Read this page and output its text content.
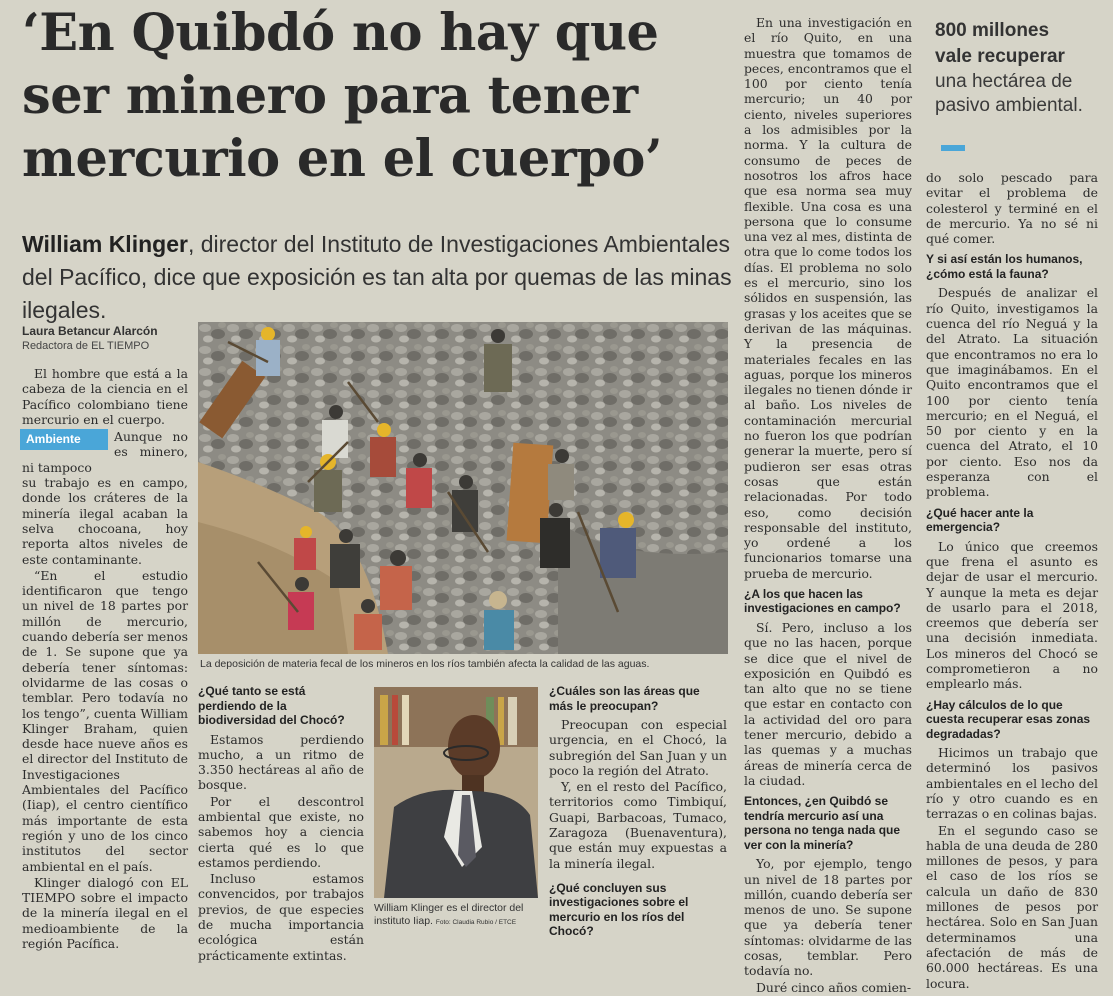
‘En Quibdó no hay que
ser minero para tener
mercurio en el cuerpo’
William Klinger, director del Instituto de Investigaciones Ambientales del Pacífico, dice que exposición es tan alta por quemas de las minas ilegales.
Laura Betancur Alarcón
Redactora de EL TIEMPO

El hombre que está a la cabeza de la ciencia en el Pacífico colombiano tiene mercurio en el cuerpo.

Ambiente	Aunque no es minero, ni tampoco

su trabajo es en campo, donde los cráteres de la minería ilegal acaban la selva chocoana, hoy reporta altos niveles de este contaminante.

“En el estudio identificaron que tengo un nivel de 18 partes por millón de mercurio, cuando debería ser menos de 1. Se supone que ya debería tener síntomas: olvidarme de las cosas o temblar. Pero todavía no los tengo”, cuenta William Klinger Braham, quien desde hace nueve años es el director del Instituto de Investigaciones Ambientales del Pacífico (Iiap), el centro científico más importante de esta región y uno de los cinco institutos del sector ambiental en el país.

Klinger dialogó con EL TIEMPO sobre el impacto de la minería ilegal en el medioambiente de la región Pacífica.

La deposición de materia fecal de los mineros en los ríos también afecta la calidad de las aguas.
¿Qué tanto se está perdiendo de la biodiversidad del Chocó?

Estamos perdiendo mucho, a un ritmo de 3.350 hectáreas al año de bosque.

Por el descontrol ambiental que existe, no sabemos hoy a ciencia cierta qué es lo que estamos perdiendo.

Incluso estamos convencidos, por trabajos previos, de que especies de mucha importancia ecológica están prácticamente extintas.

William Klinger es el director del instituto Iiap. Foto: Claudia Rubio / ETCE
¿Cuáles son las áreas que más le preocupan?

Preocupan con especial urgencia, en el Chocó, la subregión del San Juan y un poco la región del Atrato.

Y, en el resto del Pacífico, territorios como Timbiquí, Guapi, Barbacoas, Tumaco, Zaragoza (Buenaventura), que están muy expuestas a la minería ilegal.

¿Qué concluyen sus investigaciones sobre el mercurio en los ríos del Chocó?

En una investigación en el río Quito, en una muestra que tomamos de peces, encontramos que el 100 por ciento tenía mercurio; un 40 por ciento, niveles superiores a los admisibles por la norma. Y la cultura de consumo de peces de nosotros los afros hace que esa norma sea muy flexible. Una cosa es una persona que lo consume una vez al mes, distinta de otra que lo come todos los días. El problema no solo es el mercurio, sino los sólidos en suspensión, las grasas y los aceites que se derivan de las máquinas. Y la presencia de materiales fecales en las aguas, porque los mineros ilegales no tienen dónde ir al baño. Los niveles de contaminación mercurial no fueron los que podrían generar la muerte, pero sí pudieron ser esas otras cosas que están relacionadas. Por todo eso, como decisión responsable del instituto, yo ordené a los funcionarios tomarse una prueba de mercurio.

¿A los que hacen las investigaciones en campo?

Sí. Pero, incluso a los que no las hacen, porque se dice que el nivel de exposición en Quibdó es tan alto que no se tiene que estar en contacto con la actividad del oro para tener mercurio, debido a las quemas y a muchas áreas de minería cerca de la ciudad.

Entonces, ¿en Quibdó se tendría mercurio así una persona no tenga nada que ver con la minería?

Yo, por ejemplo, tengo un nivel de 18 partes por millón, cuando debería ser menos de uno. Se supone que ya debería tener síntomas: olvidarme de las cosas, temblar. Pero todavía no.

Duré cinco años comien-

800 millones
vale recuperar
una hectárea de pasivo ambiental.

do solo pescado para evitar el problema de colesterol y terminé en el de mercurio. Ya no sé ni qué comer.

Y si así están los humanos, ¿cómo está la fauna?

Después de analizar el río Quito, investigamos la cuenca del río Neguá y la del Atrato. La situación que encontramos no era lo que imaginábamos. En el Quito encontramos que el 100 por ciento tenía mercurio; en el Neguá, el 50 por ciento y en la cuenca del Atrato, el 10 por ciento. Eso nos da esperanza con el problema.

¿Qué hacer ante la emergencia?

Lo único que creemos que frena el asunto es dejar de usar el mercurio. Y aunque la meta es dejar de usarlo para el 2018, creemos que debería ser una decisión inmediata. Los mineros del Chocó se comprometieron a no emplearlo más.

¿Hay cálculos de lo que cuesta recuperar esas zonas degradadas?

Hicimos un trabajo que determinó los pasivos ambientales en el lecho del río y otro cuando es en terrazas o en colinas bajas.

En el segundo caso se habla de una deuda de 280 millones de pesos, y para el caso de los ríos se calcula un daño de 830 millones de pesos por hectárea. Solo en San Juan determinamos una afectación de más de 60.000 hectáreas. Es una locura.
